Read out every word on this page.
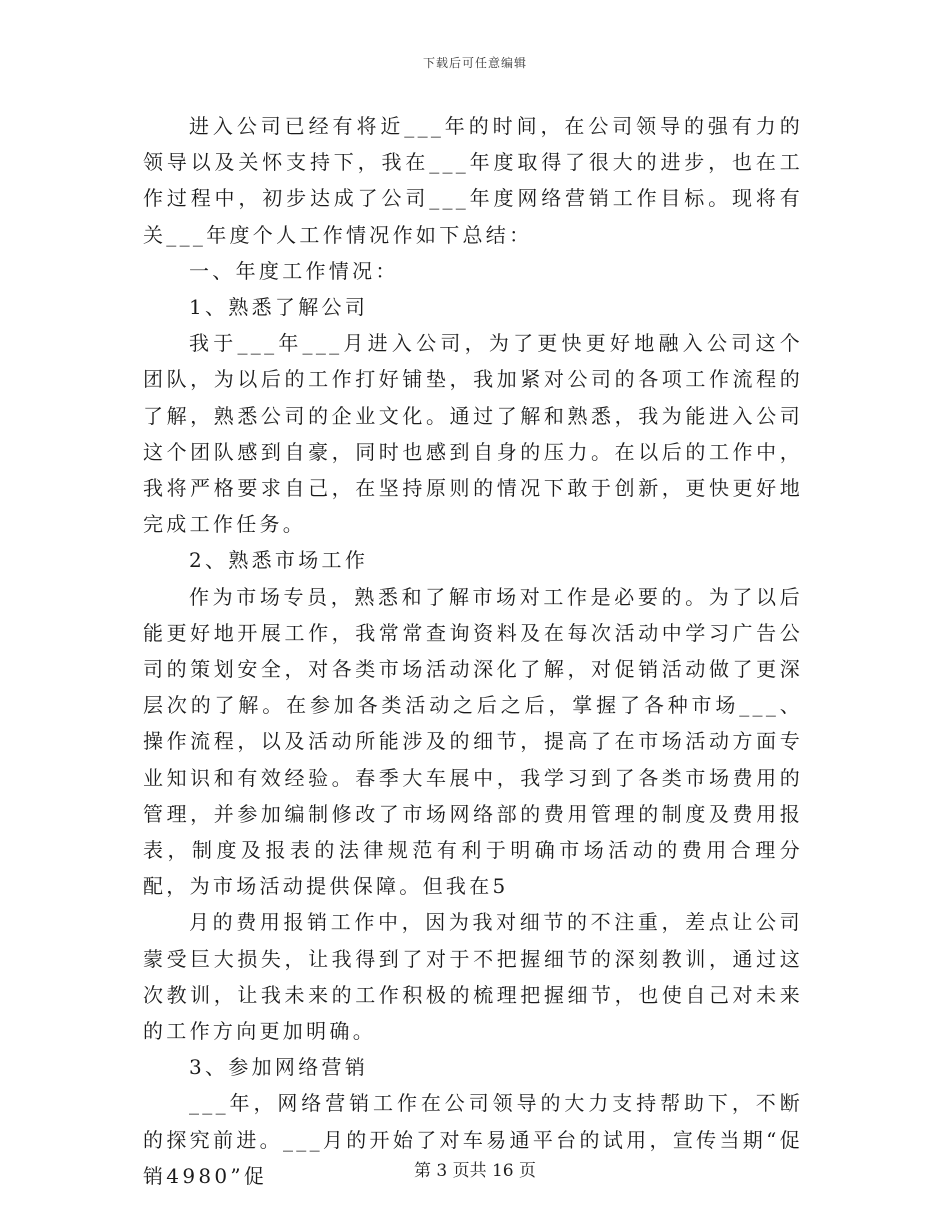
下载后可任意编辑

进入公司已经有将近___年的时间，在公司领导的强有力的领导以及关怀支持下，我在___年度取得了很大的进步，也在工作过程中，初步达成了公司___年度网络营销工作目标。现将有关___年度个人工作情况作如下总结：

一、年度工作情况：

1、熟悉了解公司

我于___年___月进入公司，为了更快更好地融入公司这个团队，为以后的工作打好铺垫，我加紧对公司的各项工作流程的了解，熟悉公司的企业文化。通过了解和熟悉，我为能进入公司这个团队感到自豪，同时也感到自身的压力。在以后的工作中，我将严格要求自己，在坚持原则的情况下敢于创新，更快更好地完成工作任务。

2、熟悉市场工作

作为市场专员，熟悉和了解市场对工作是必要的。为了以后能更好地开展工作，我常常查询资料及在每次活动中学习广告公司的策划安全，对各类市场活动深化了解，对促销活动做了更深层次的了解。在参加各类活动之后之后，掌握了各种市场___、操作流程，以及活动所能涉及的细节，提高了在市场活动方面专业知识和有效经验。春季大车展中，我学习到了各类市场费用的管理，并参加编制修改了市场网络部的费用管理的制度及费用报表，制度及报表的法律规范有利于明确市场活动的费用合理分配，为市场活动提供保障。但我在5

月的费用报销工作中，因为我对细节的不注重，差点让公司蒙受巨大损失，让我得到了对于不把握细节的深刻教训，通过这次教训，让我未来的工作积极的梳理把握细节，也使自己对未来的工作方向更加明确。

3、参加网络营销

___年，网络营销工作在公司领导的大力支持帮助下，不断的探究前进。___月的开始了对车易通平台的试用，宣传当期“促销4980”促	第 3 页共 16 页
